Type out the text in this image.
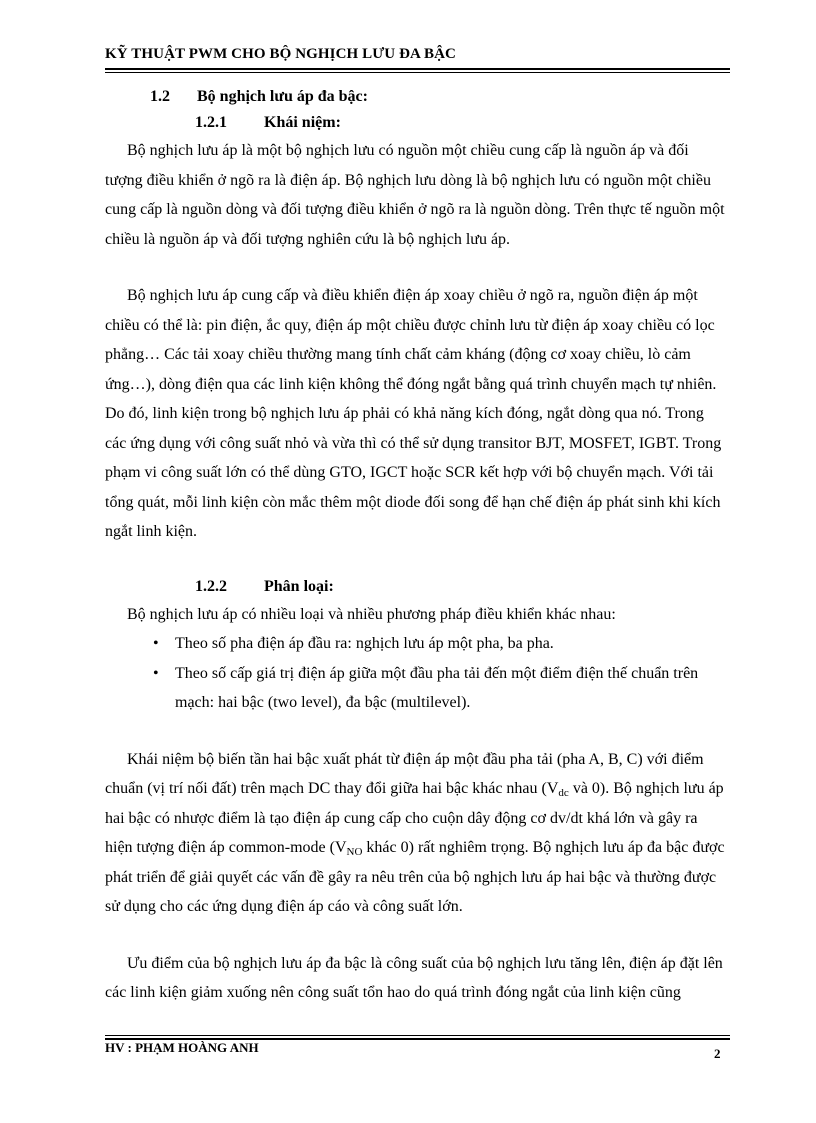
KỸ THUẬT PWM CHO BỘ NGHỊCH LƯU ĐA BẬC
1.2 Bộ nghịch lưu áp đa bậc:
1.2.1 Khái niệm:

Bộ nghịch lưu áp là một bộ nghịch lưu có nguồn một chiều cung cấp là nguồn áp và đối tượng điều khiển ở ngõ ra là điện áp. Bộ nghịch lưu dòng là bộ nghịch lưu có nguồn một chiều cung cấp là nguồn dòng và đối tượng điều khiển ở ngõ ra là nguồn dòng. Trên thực tế nguồn một chiều là nguồn áp và đối tượng nghiên cứu là bộ nghịch lưu áp.

Bộ nghịch lưu áp cung cấp và điều khiển điện áp xoay chiều ở ngõ ra, nguồn điện áp một chiều có thể là: pin điện, ắc quy, điện áp một chiều được chỉnh lưu từ điện áp xoay chiều có lọc phẳng… Các tải xoay chiều thường mang tính chất cảm kháng (động cơ xoay chiều, lò cảm ứng…), dòng điện qua các linh kiện không thể đóng ngắt bằng quá trình chuyển mạch tự nhiên. Do đó, linh kiện trong bộ nghịch lưu áp phải có khả năng kích đóng, ngắt dòng qua nó. Trong các ứng dụng với công suất nhỏ và vừa thì có thể sử dụng transitor BJT, MOSFET, IGBT. Trong phạm vi công suất lớn có thể dùng GTO, IGCT hoặc SCR kết hợp với bộ chuyển mạch. Với tải tổng quát, mỗi linh kiện còn mắc thêm một diode đối song để hạn chế điện áp phát sinh khi kích ngắt linh kiện.

1.2.2 Phân loại:

Bộ nghịch lưu áp có nhiều loại và nhiều phương pháp điều khiển khác nhau:

• Theo số pha điện áp đầu ra: nghịch lưu áp một pha, ba pha.
• Theo số cấp giá trị điện áp giữa một đầu pha tải đến một điểm điện thế chuẩn trên mạch: hai bậc (two level), đa bậc (multilevel).

Khái niệm bộ biến tần hai bậc xuất phát từ điện áp một đầu pha tải (pha A, B, C) với điểm chuẩn (vị trí nối đất) trên mạch DC thay đổi giữa hai bậc khác nhau ($V_{dc}$ và 0). Bộ nghịch lưu áp hai bậc có nhược điểm là tạo điện áp cung cấp cho cuộn dây động cơ dv/dt khá lớn và gây ra hiện tượng điện áp common-mode ($V_{NO}$ khác 0) rất nghiêm trọng. Bộ nghịch lưu áp đa bậc được phát triển để giải quyết các vấn đề gây ra nêu trên của bộ nghịch lưu áp hai bậc và thường được sử dụng cho các ứng dụng điện áp cáo và công suất lớn.

Ưu điểm của bộ nghịch lưu áp đa bậc là công suất của bộ nghịch lưu tăng lên, điện áp đặt lên các linh kiện giảm xuống nên công suất tổn hao do quá trình đóng ngắt của linh kiện cũng

HV : PHẠM HOÀNG ANH	2
